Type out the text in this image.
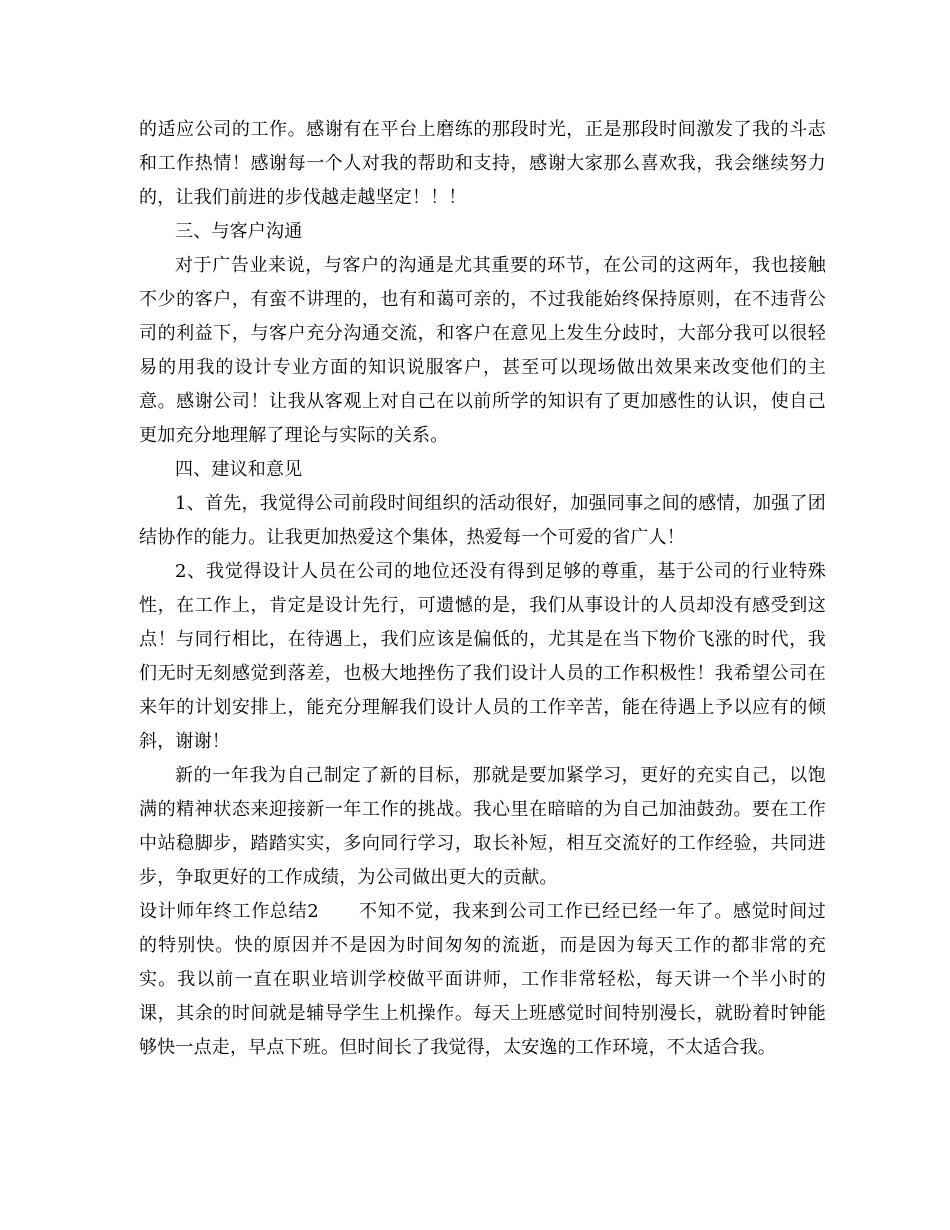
的适应公司的工作。感谢有在平台上磨练的那段时光，正是那段时间激发了我的斗志和工作热情！感谢每一个人对我的帮助和支持，感谢大家那么喜欢我，我会继续努力的，让我们前进的步伐越走越坚定！！！

三、与客户沟通

对于广告业来说，与客户的沟通是尤其重要的环节，在公司的这两年，我也接触不少的客户，有蛮不讲理的，也有和蔼可亲的，不过我能始终保持原则，在不违背公司的利益下，与客户充分沟通交流，和客户在意见上发生分歧时，大部分我可以很轻易的用我的设计专业方面的知识说服客户，甚至可以现场做出效果来改变他们的主意。感谢公司！让我从客观上对自己在以前所学的知识有了更加感性的认识，使自己更加充分地理解了理论与实际的关系。

四、建议和意见

1、首先，我觉得公司前段时间组织的活动很好，加强同事之间的感情，加强了团结协作的能力。让我更加热爱这个集体，热爱每一个可爱的省广人！

2、我觉得设计人员在公司的地位还没有得到足够的尊重，基于公司的行业特殊性，在工作上，肯定是设计先行，可遗憾的是，我们从事设计的人员却没有感受到这点！与同行相比，在待遇上，我们应该是偏低的，尤其是在当下物价飞涨的时代，我们无时无刻感觉到落差，也极大地挫伤了我们设计人员的工作积极性！我希望公司在来年的计划安排上，能充分理解我们设计人员的工作辛苦，能在待遇上予以应有的倾斜，谢谢！

新的一年我为自己制定了新的目标，那就是要加紧学习，更好的充实自己，以饱满的精神状态来迎接新一年工作的挑战。我心里在暗暗的为自己加油鼓劲。要在工作中站稳脚步，踏踏实实，多向同行学习，取长补短，相互交流好的工作经验，共同进步，争取更好的工作成绩，为公司做出更大的贡献。

设计师年终工作总结2 不知不觉，我来到公司工作已经已经一年了。感觉时间过的特别快。快的原因并不是因为时间匆匆的流逝，而是因为每天工作的都非常的充实。我以前一直在职业培训学校做平面讲师，工作非常轻松，每天讲一个半小时的课，其余的时间就是辅导学生上机操作。每天上班感觉时间特别漫长，就盼着时钟能够快一点走，早点下班。但时间长了我觉得，太安逸的工作环境，不太适合我。
